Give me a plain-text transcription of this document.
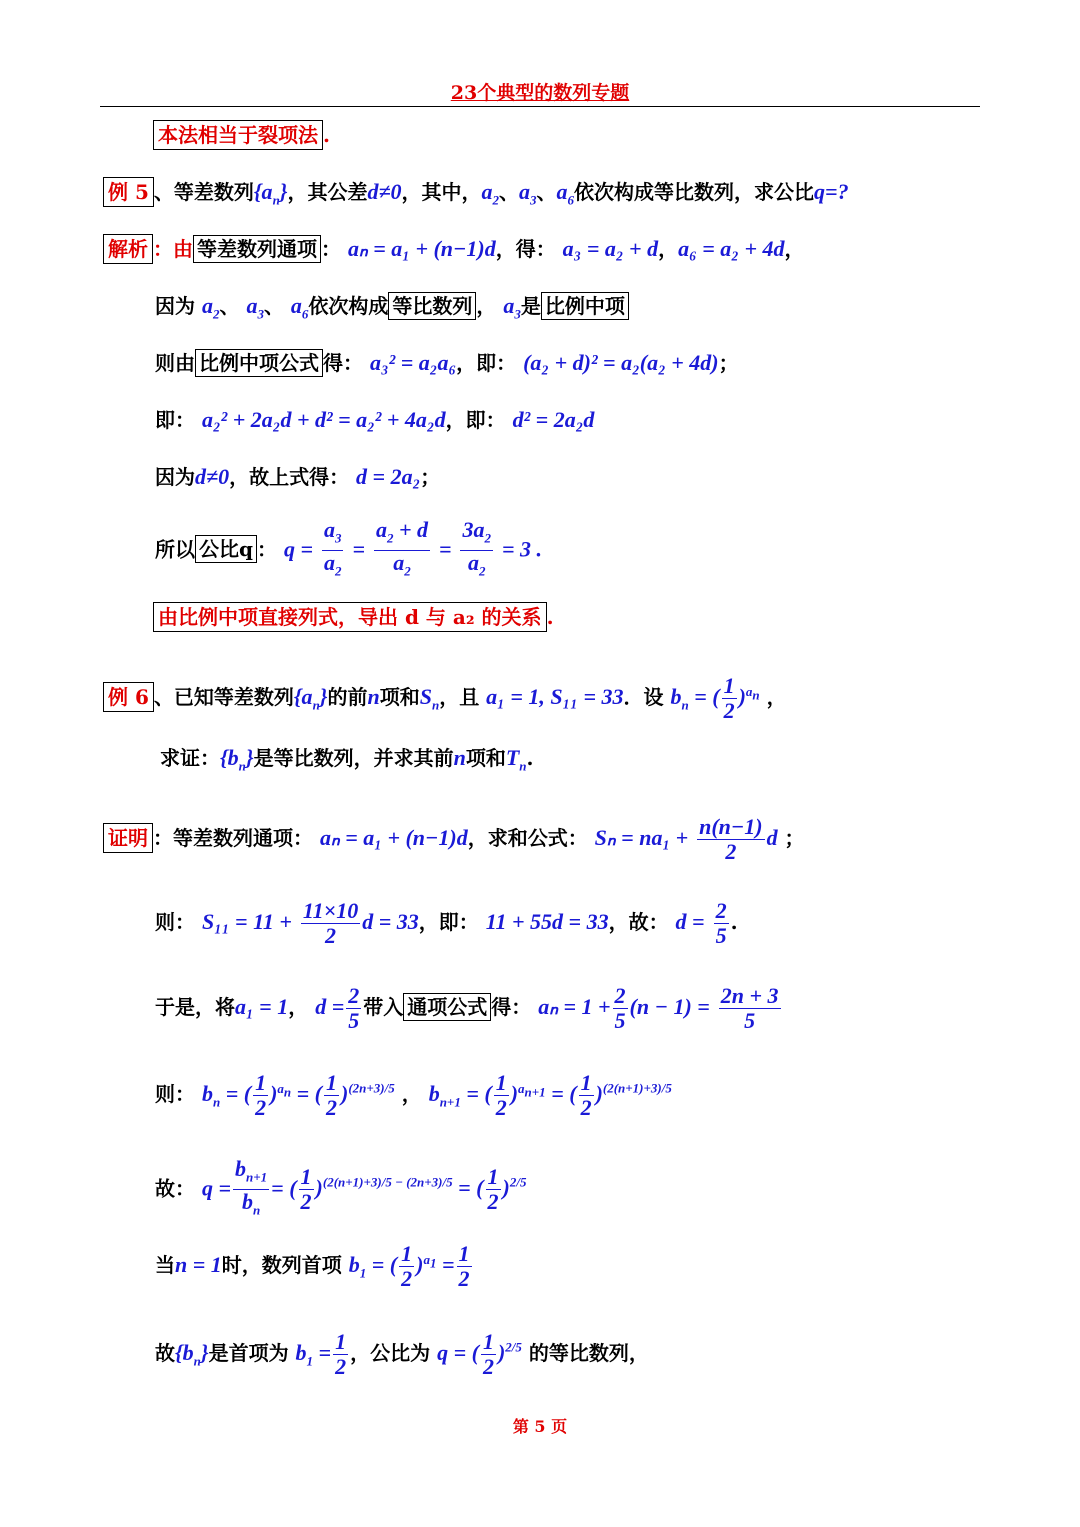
23个典型的数列专题
本法相当于裂项法 .
例 5 、等差数列$\{a_n\}$，其公差d≠0，其中，$a_2$、$a_3$、$a_6$依次构成等比数列，求公比q=?
解析 ：由 等差数列通项 ： aₙ = a₁ + (n−1)d，得： a₃ = a₂ + d，a₆ = a₂ + 4d，
因为 $a_2$、 $a_3$、 $a_6$依次构成 等比数列 ， $a_3$是 比例中项
则由 比例中项公式 得： a₃² = a₂a₆，即： (a₂ + d)² = a₂(a₂ + 4d)；
即： a₂² + 2a₂d + d² = a₂² + 4a₂d，即： d² = 2a₂d
因为d≠0，故上式得： d = 2a₂；
所以 公比q ： $q = \frac{a_3}{a_2} = \frac{a_2 + d}{a_2} = \frac{3a_2}{a_2} = 3$ .
由比例中项直接列式，导出 d 与 a₂ 的关系 .
例 6 、已知等差数列$\{a_n\}$的前n项和$S_n$，且 a₁ = 1, S₁₁ = 33．设 $b_n$ = ( $\frac{1}{2} )^{a_n}$ ，
求证：$\{b_n\}$是等比数列，并求其前n项和$T_n$.
证明 ：等差数列通项： aₙ = a₁ + (n−1)d，求和公式： $S_n = na_1 + \frac{n(n-1)}{2}$ d ；
则： $S_{11} = 11 + \frac{11\times 10}{2}$ d = 33，即： 11 + 55d = 33，故： $d = \frac{2}{5}$ .
于是，将a₁ = 1， $d = \frac{2}{5}$ 带入 通项公式 得： $a_n = 1 + \frac{2}{5} (n - 1) = \frac{2n + 3}{5}$
则： $b_n$ = ( $\frac{1}{2} )^{a_n}$ = ( $\frac{1}{2} )^{(2n+3)/5}$ ， $b_{n+1}$ = ( $\frac{1}{2} )^{a_{n+1}}$ = ( $\frac{1}{2} )^{(2(n+1)+3)/5}$
故： $q = \frac{b_{n+1}}{b_n}$ = ( $\frac{1}{2} )^{(2(n+1)+3)/5 - (2n+3)/5}$ = ( $\frac{1}{2} )^{2/5}$
当n = 1时，数列首项 $b_1$ = ( $\frac{1}{2} )^{a_1} = \frac{1}{2}$
故$\{b_n\}$是首项为 $b_1 = \frac{1}{2}$ ，公比为 q = ( $\frac{1}{2} )^{2/5}$ 的等比数列，
第 5 页
